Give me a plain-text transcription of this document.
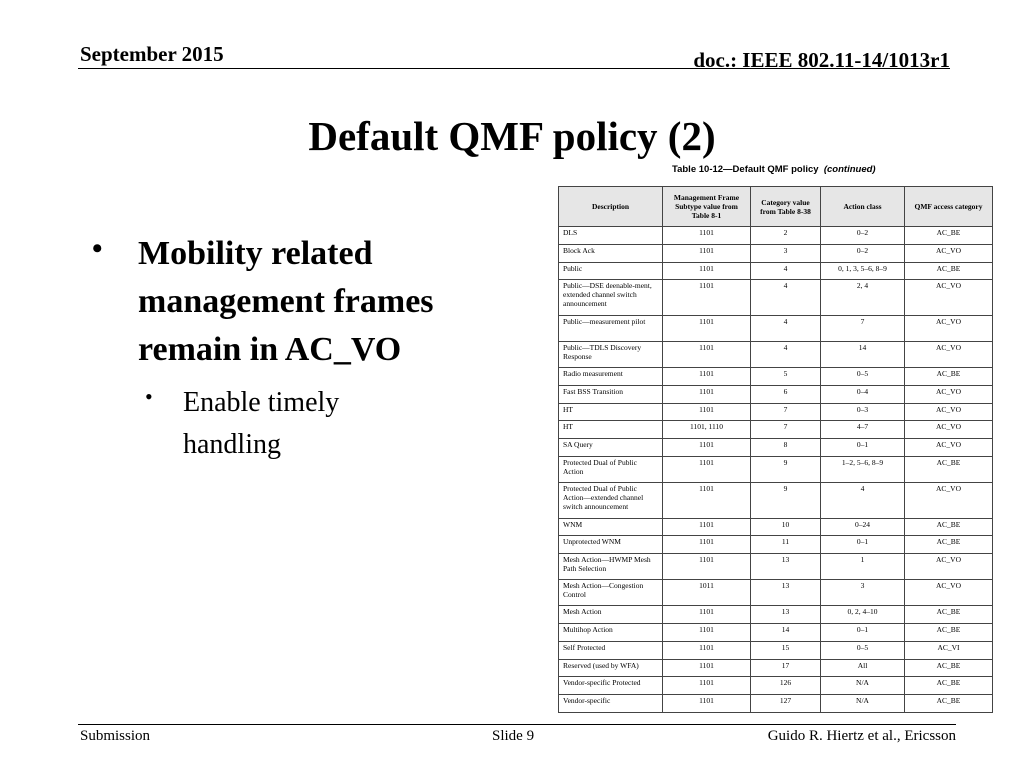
September 2015	doc.: IEEE 802.11-14/1013r1
Default QMF policy (2)
• Mobility related management frames remain in AC_VO
• Enable timely handling
Table 10-12—Default QMF policy (continued)
Description	Management Frame Subtype value from Table 8-1	Category value from Table 8-38	Action class	QMF access category
DLS	1101	2	0–2	AC_BE
Block Ack	1101	3	0–2	AC_VO
Public	1101	4	0, 1, 3, 5–6, 8–9	AC_BE
Public—DSE deenable-ment, extended channel switch announcement	1101	4	2, 4	AC_VO
Public—measurement pilot	1101	4	7	AC_VO
Public—TDLS Discovery Response	1101	4	14	AC_VO
Radio measurement	1101	5	0–5	AC_BE
Fast BSS Transition	1101	6	0–4	AC_VO
HT	1101	7	0–3	AC_VO
HT	1101, 1110	7	4–7	AC_VO
SA Query	1101	8	0–1	AC_VO
Protected Dual of Public Action	1101	9	1–2, 5–6, 8–9	AC_BE
Protected Dual of Public Action—extended channel switch announcement	1101	9	4	AC_VO
WNM	1101	10	0–24	AC_BE
Unprotected WNM	1101	11	0–1	AC_BE
Mesh Action—HWMP Mesh Path Selection	1101	13	1	AC_VO
Mesh Action—Congestion Control	1011	13	3	AC_VO
Mesh Action	1101	13	0, 2, 4–10	AC_BE
Multihop Action	1101	14	0–1	AC_BE
Self Protected	1101	15	0–5	AC_VI
Reserved (used by WFA)	1101	17	All	AC_BE
Vendor-specific Protected	1101	126	N/A	AC_BE
Vendor-specific	1101	127	N/A	AC_BE
Submission	Slide 9	Guido R. Hiertz et al., Ericsson
